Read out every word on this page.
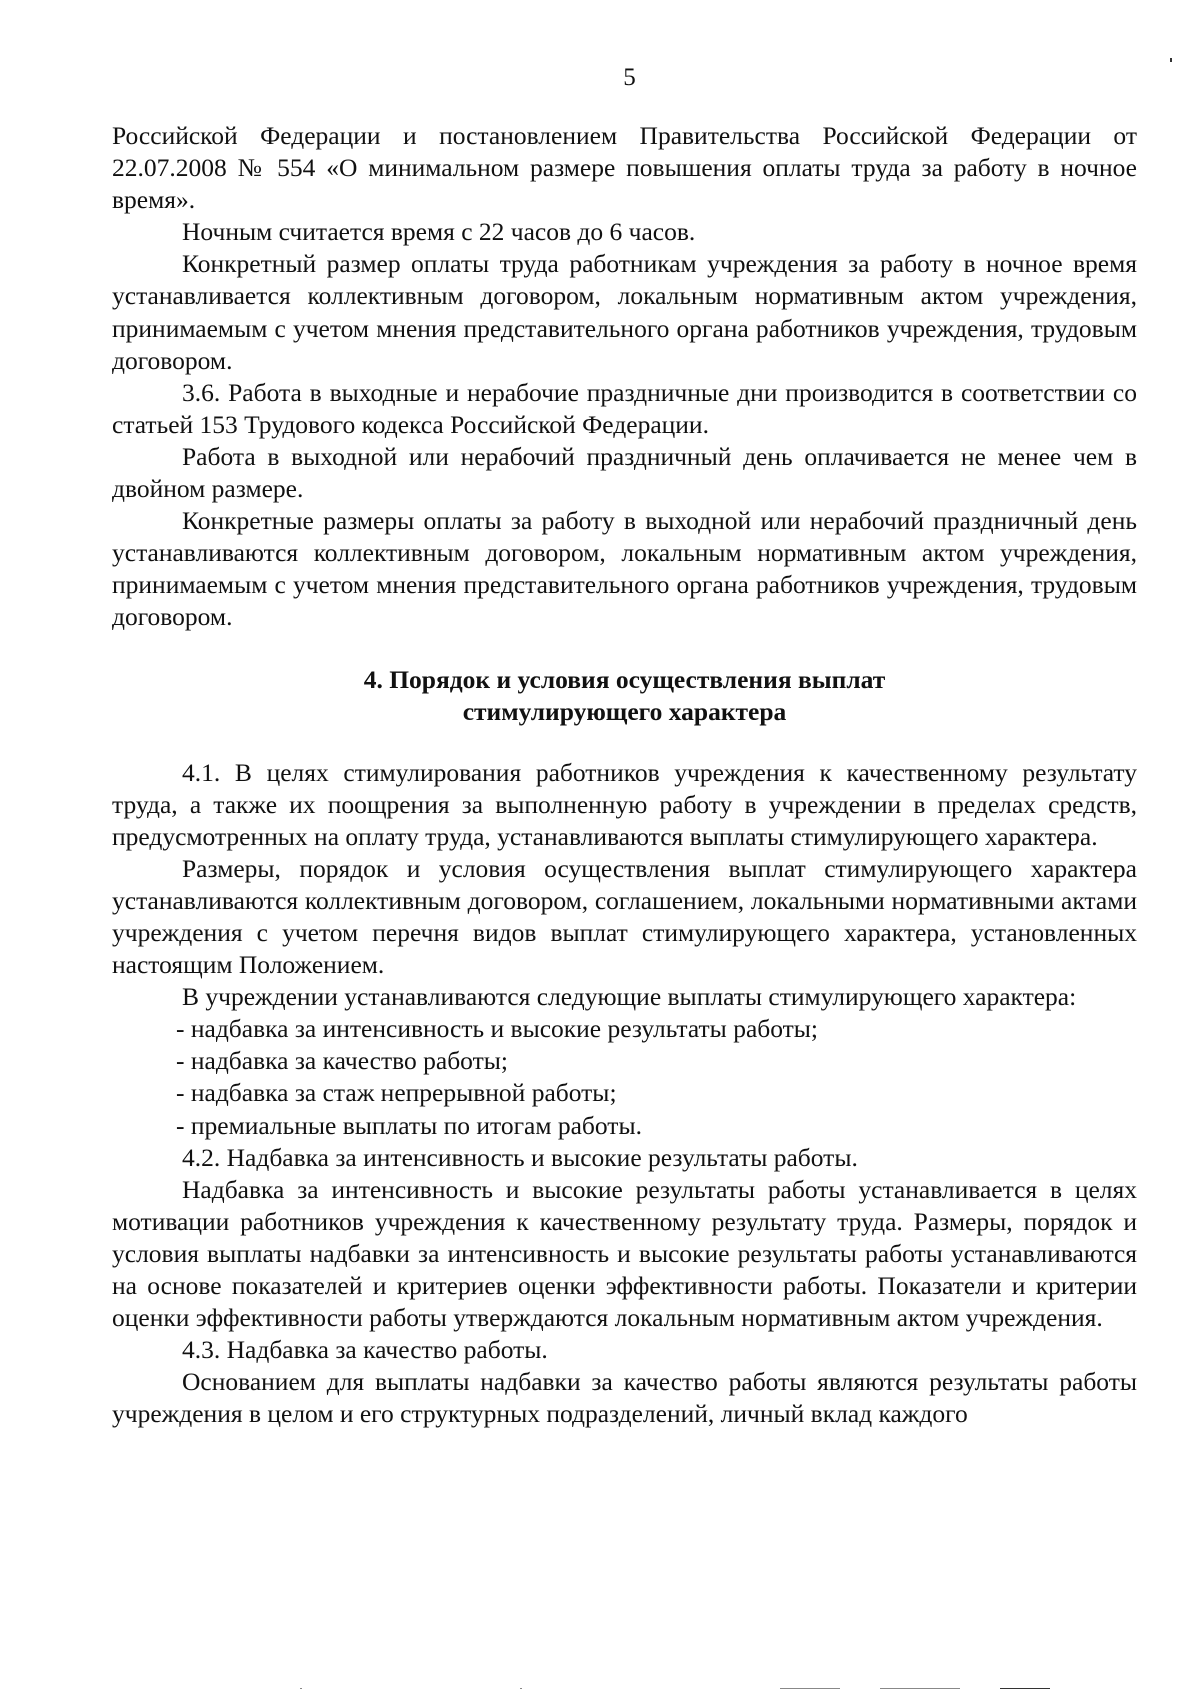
5

Российской Федерации и постановлением Правительства Российской Федерации от 22.07.2008 № 554 «О минимальном размере повышения оплаты труда за работу в ночное время».

Ночным считается время с 22 часов до 6 часов.

Конкретный размер оплаты труда работникам учреждения за работу в ночное время устанавливается коллективным договором, локальным нормативным актом учреждения, принимаемым с учетом мнения представительного органа работников учреждения, трудовым договором.

3.6. Работа в выходные и нерабочие праздничные дни производится в соответствии со статьей 153 Трудового кодекса Российской Федерации.

Работа в выходной или нерабочий праздничный день оплачивается не менее чем в двойном размере.

Конкретные размеры оплаты за работу в выходной или нерабочий праздничный день устанавливаются коллективным договором, локальным нормативным актом учреждения, принимаемым с учетом мнения представительного органа работников учреждения, трудовым договором.

4. Порядок и условия осуществления выплат
стимулирующего характера

4.1. В целях стимулирования работников учреждения к качественному результату труда, а также их поощрения за выполненную работу в учреждении в пределах средств, предусмотренных на оплату труда, устанавливаются выплаты стимулирующего характера.

Размеры, порядок и условия осуществления выплат стимулирующего характера устанавливаются коллективным договором, соглашением, локальными нормативными актами учреждения с учетом перечня видов выплат стимулирующего характера, установленных настоящим Положением.

В учреждении устанавливаются следующие выплаты стимулирующего характера:

- надбавка за интенсивность и высокие результаты работы;

- надбавка за качество работы;

- надбавка за стаж непрерывной работы;

- премиальные выплаты по итогам работы.

4.2. Надбавка за интенсивность и высокие результаты работы.

Надбавка за интенсивность и высокие результаты работы устанавливается в целях мотивации работников учреждения к качественному результату труда. Размеры, порядок и условия выплаты надбавки за интенсивность и высокие результаты работы устанавливаются на основе показателей и критериев оценки эффективности работы. Показатели и критерии оценки эффективности работы утверждаются локальным нормативным актом учреждения.

4.3. Надбавка за качество работы.

Основанием для выплаты надбавки за качество работы являются результаты работы учреждения в целом и его структурных подразделений, личный вклад каждого
